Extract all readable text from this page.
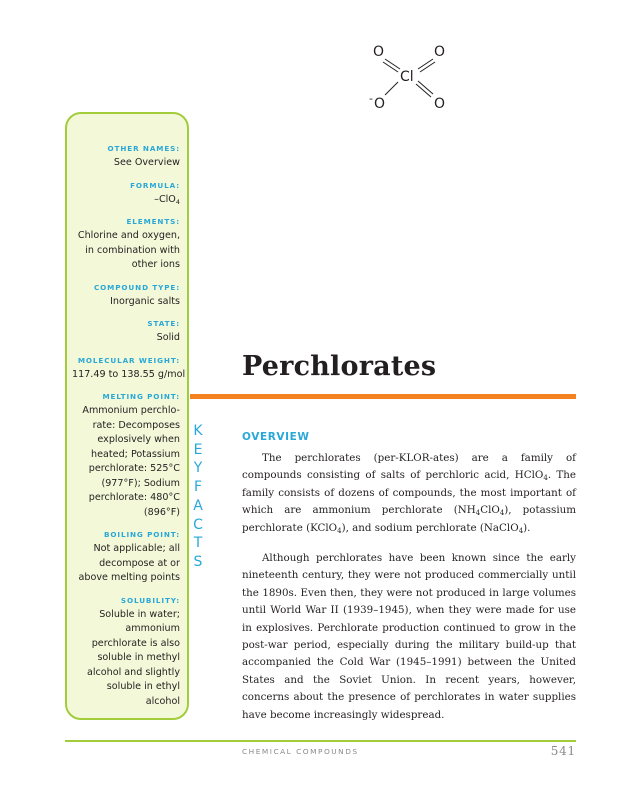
O	O
Cl
- O	O
OTHER NAMES:
See Overview
FORMULA:
–ClO$_4$
ELEMENTS:
Chlorine and oxygen, in combination with other ions
COMPOUND TYPE:
Inorganic salts
STATE:
Solid
MOLECULAR WEIGHT:
117.49 to 138.55 g/mol
MELTING POINT:
Ammonium perchlo-rate: Decomposes explosively when heated; Potassium perchlorate: 525°C (977°F); Sodium perchlorate: 480°C (896°F)
BOILING POINT:
Not applicable; all decompose at or above melting points
SOLUBILITY:
Soluble in water; ammonium perchlorate is also soluble in methyl alcohol and slightly soluble in ethyl alcohol
KEY FACTS
Perchlorates
OVERVIEW

The perchlorates (per-KLOR-ates) are a family of compounds consisting of salts of perchloric acid, HClO$_4$. The family consists of dozens of compounds, the most important of which are ammonium perchlorate $(NH_4ClO_4)$, potassium perchlorate (KClO$_4$), and sodium perchlorate (NaClO$_4$).

Although perchlorates have been known since the early nineteenth century, they were not produced commercially until the 1890s. Even then, they were not produced in large volumes until World War II (1939–1945), when they were made for use in explosives. Perchlorate production continued to grow in the post-war period, especially during the military build-up that accompanied the Cold War (1945–1991) between the United States and the Soviet Union. In recent years, however, concerns about the presence of perchlorates in water supplies have become increasingly widespread.

CHEMICAL COMPOUNDS	541
